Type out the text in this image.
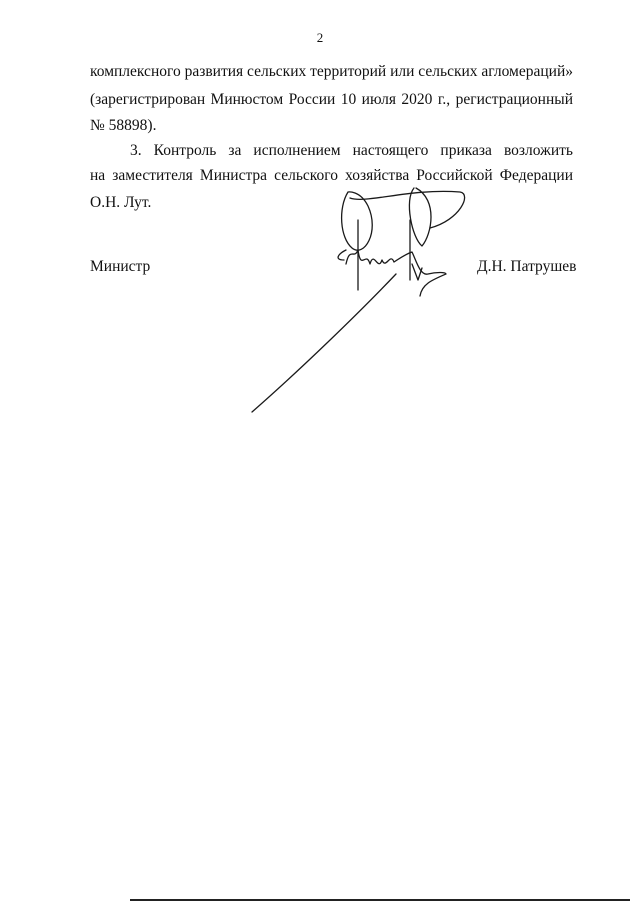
2
комплексного развития сельских территорий или сельских агломераций»
(зарегистрирован Минюстом России 10 июля 2020 г., регистрационный
№ 58898).
3. Контроль за исполнением настоящего приказа возложить
на заместителя Министра сельского хозяйства Российской Федерации
О.Н. Лут.
Министр	Д.Н. Патрушев
